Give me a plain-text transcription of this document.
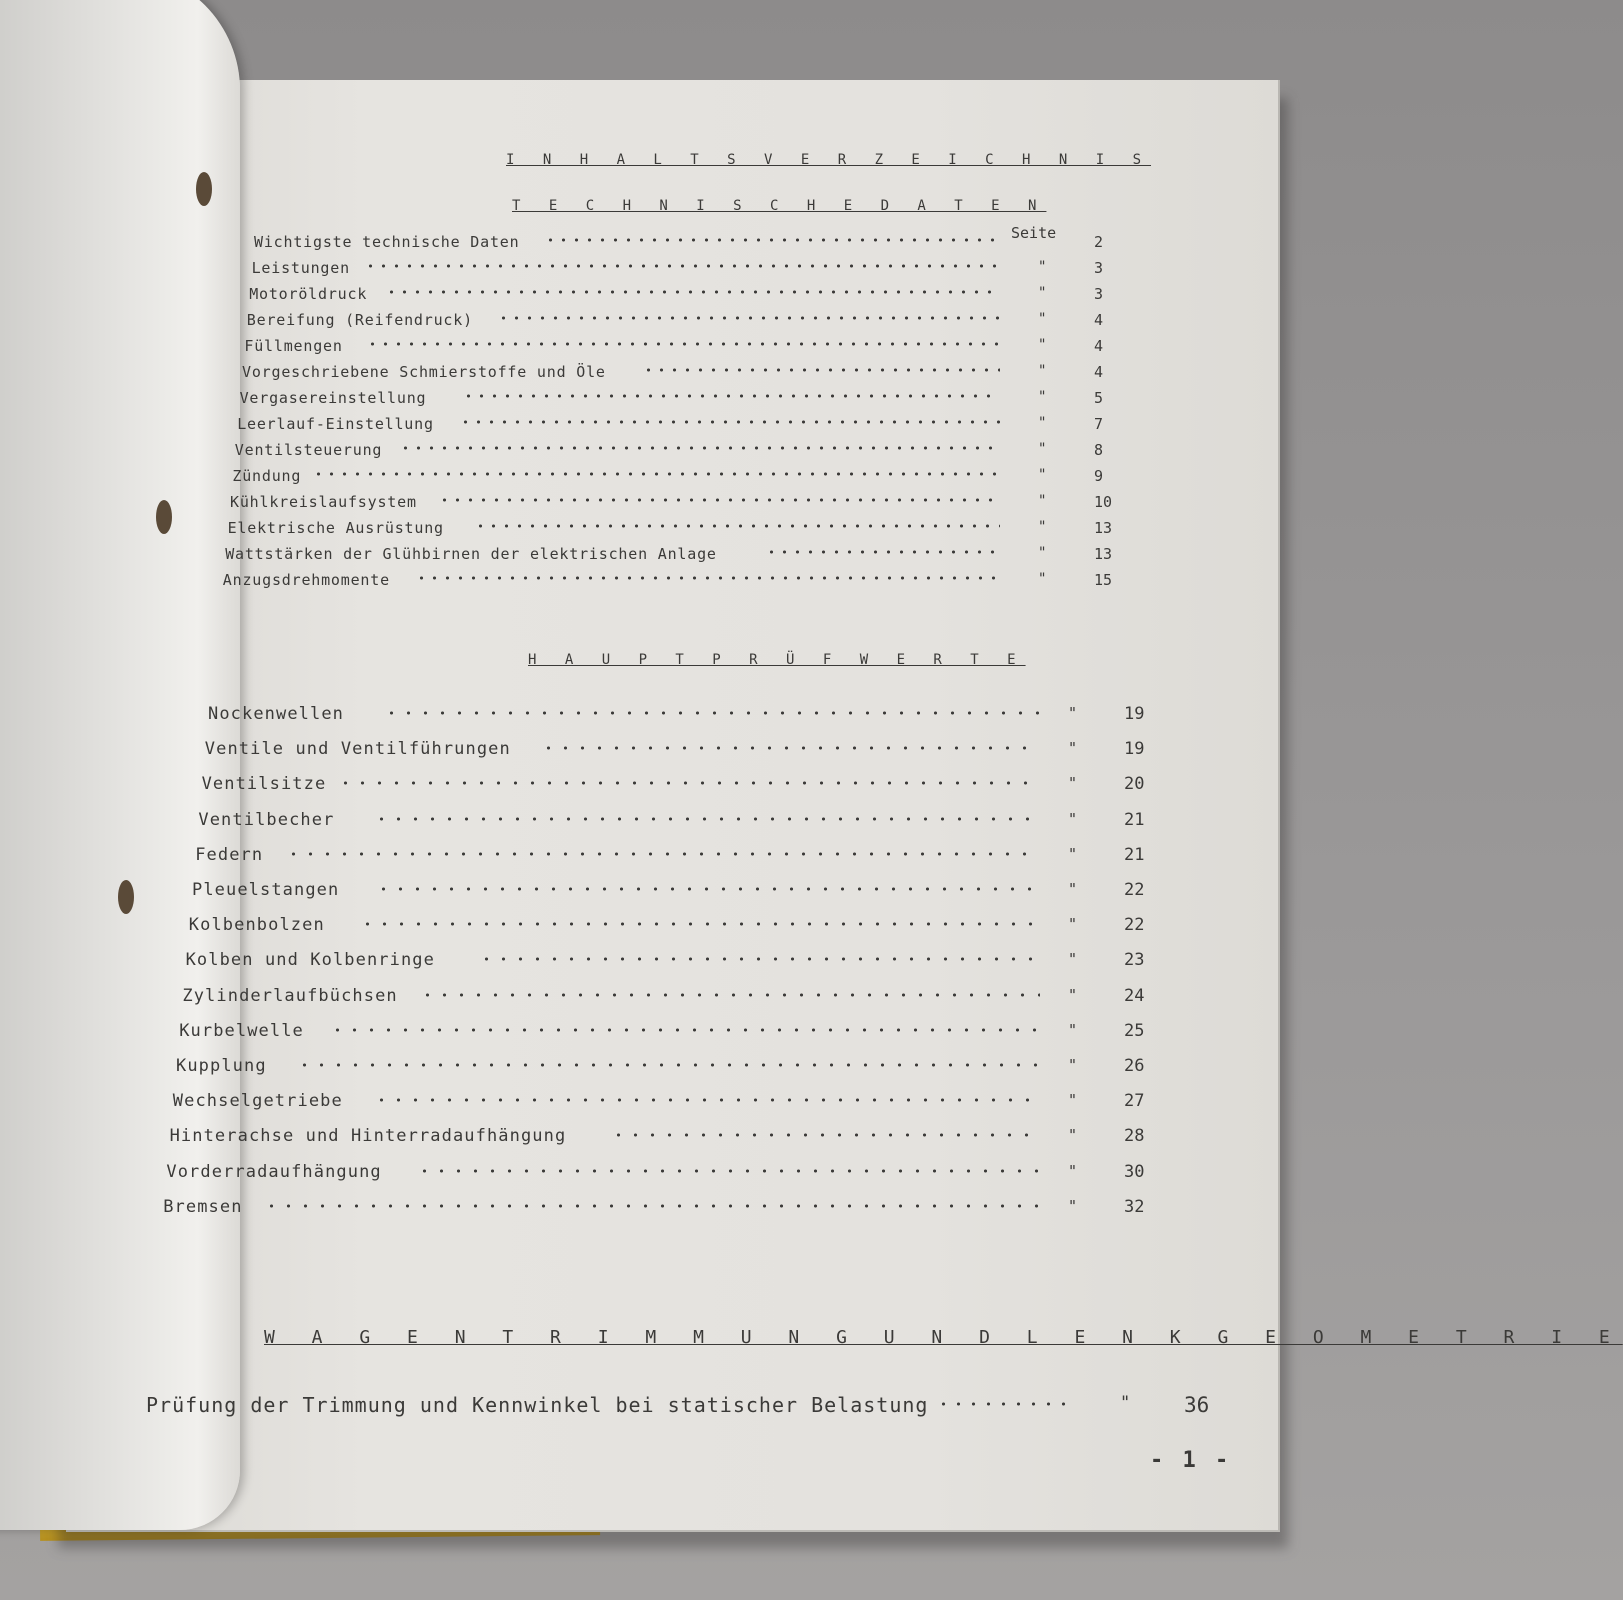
I N H A L T S V E R Z E I C H N I S
T E C H N I S C H E D A T E N
Seite
Wichtigste technische Daten	2
Leistungen	"	3
Motoröldruck	"	3
Bereifung (Reifendruck)	"	4
Füllmengen	"	4
Vorgeschriebene Schmierstoffe und Öle	"	4
Vergasereinstellung	"	5
Leerlauf-Einstellung	"	7
Ventilsteuerung	"	8
Zündung	"	9
Kühlkreislaufsystem	"	10
Elektrische Ausrüstung	"	13
Wattstärken der Glühbirnen der elektrischen Anlage	"	13
Anzugsdrehmomente	"	15
H A U P T P R Ü F W E R T E
Nockenwellen	"	19
Ventile und Ventilführungen	"	19
Ventilsitze	"	20
Ventilbecher	"	21
Federn	"	21
Pleuelstangen	"	22
Kolbenbolzen	"	22
Kolben und Kolbenringe	"	23
Zylinderlaufbüchsen	"	24
Kurbelwelle	"	25
Kupplung	"	26
Wechselgetriebe	"	27
Hinterachse und Hinterradaufhängung	"	28
Vorderradaufhängung	"	30
Bremsen	"	32
W A G E N T R I M M U N G U N D L E N K G E O M E T R I E
Prüfung der Trimmung und Kennwinkel bei statischer Belastung	"	36
- 1 -
